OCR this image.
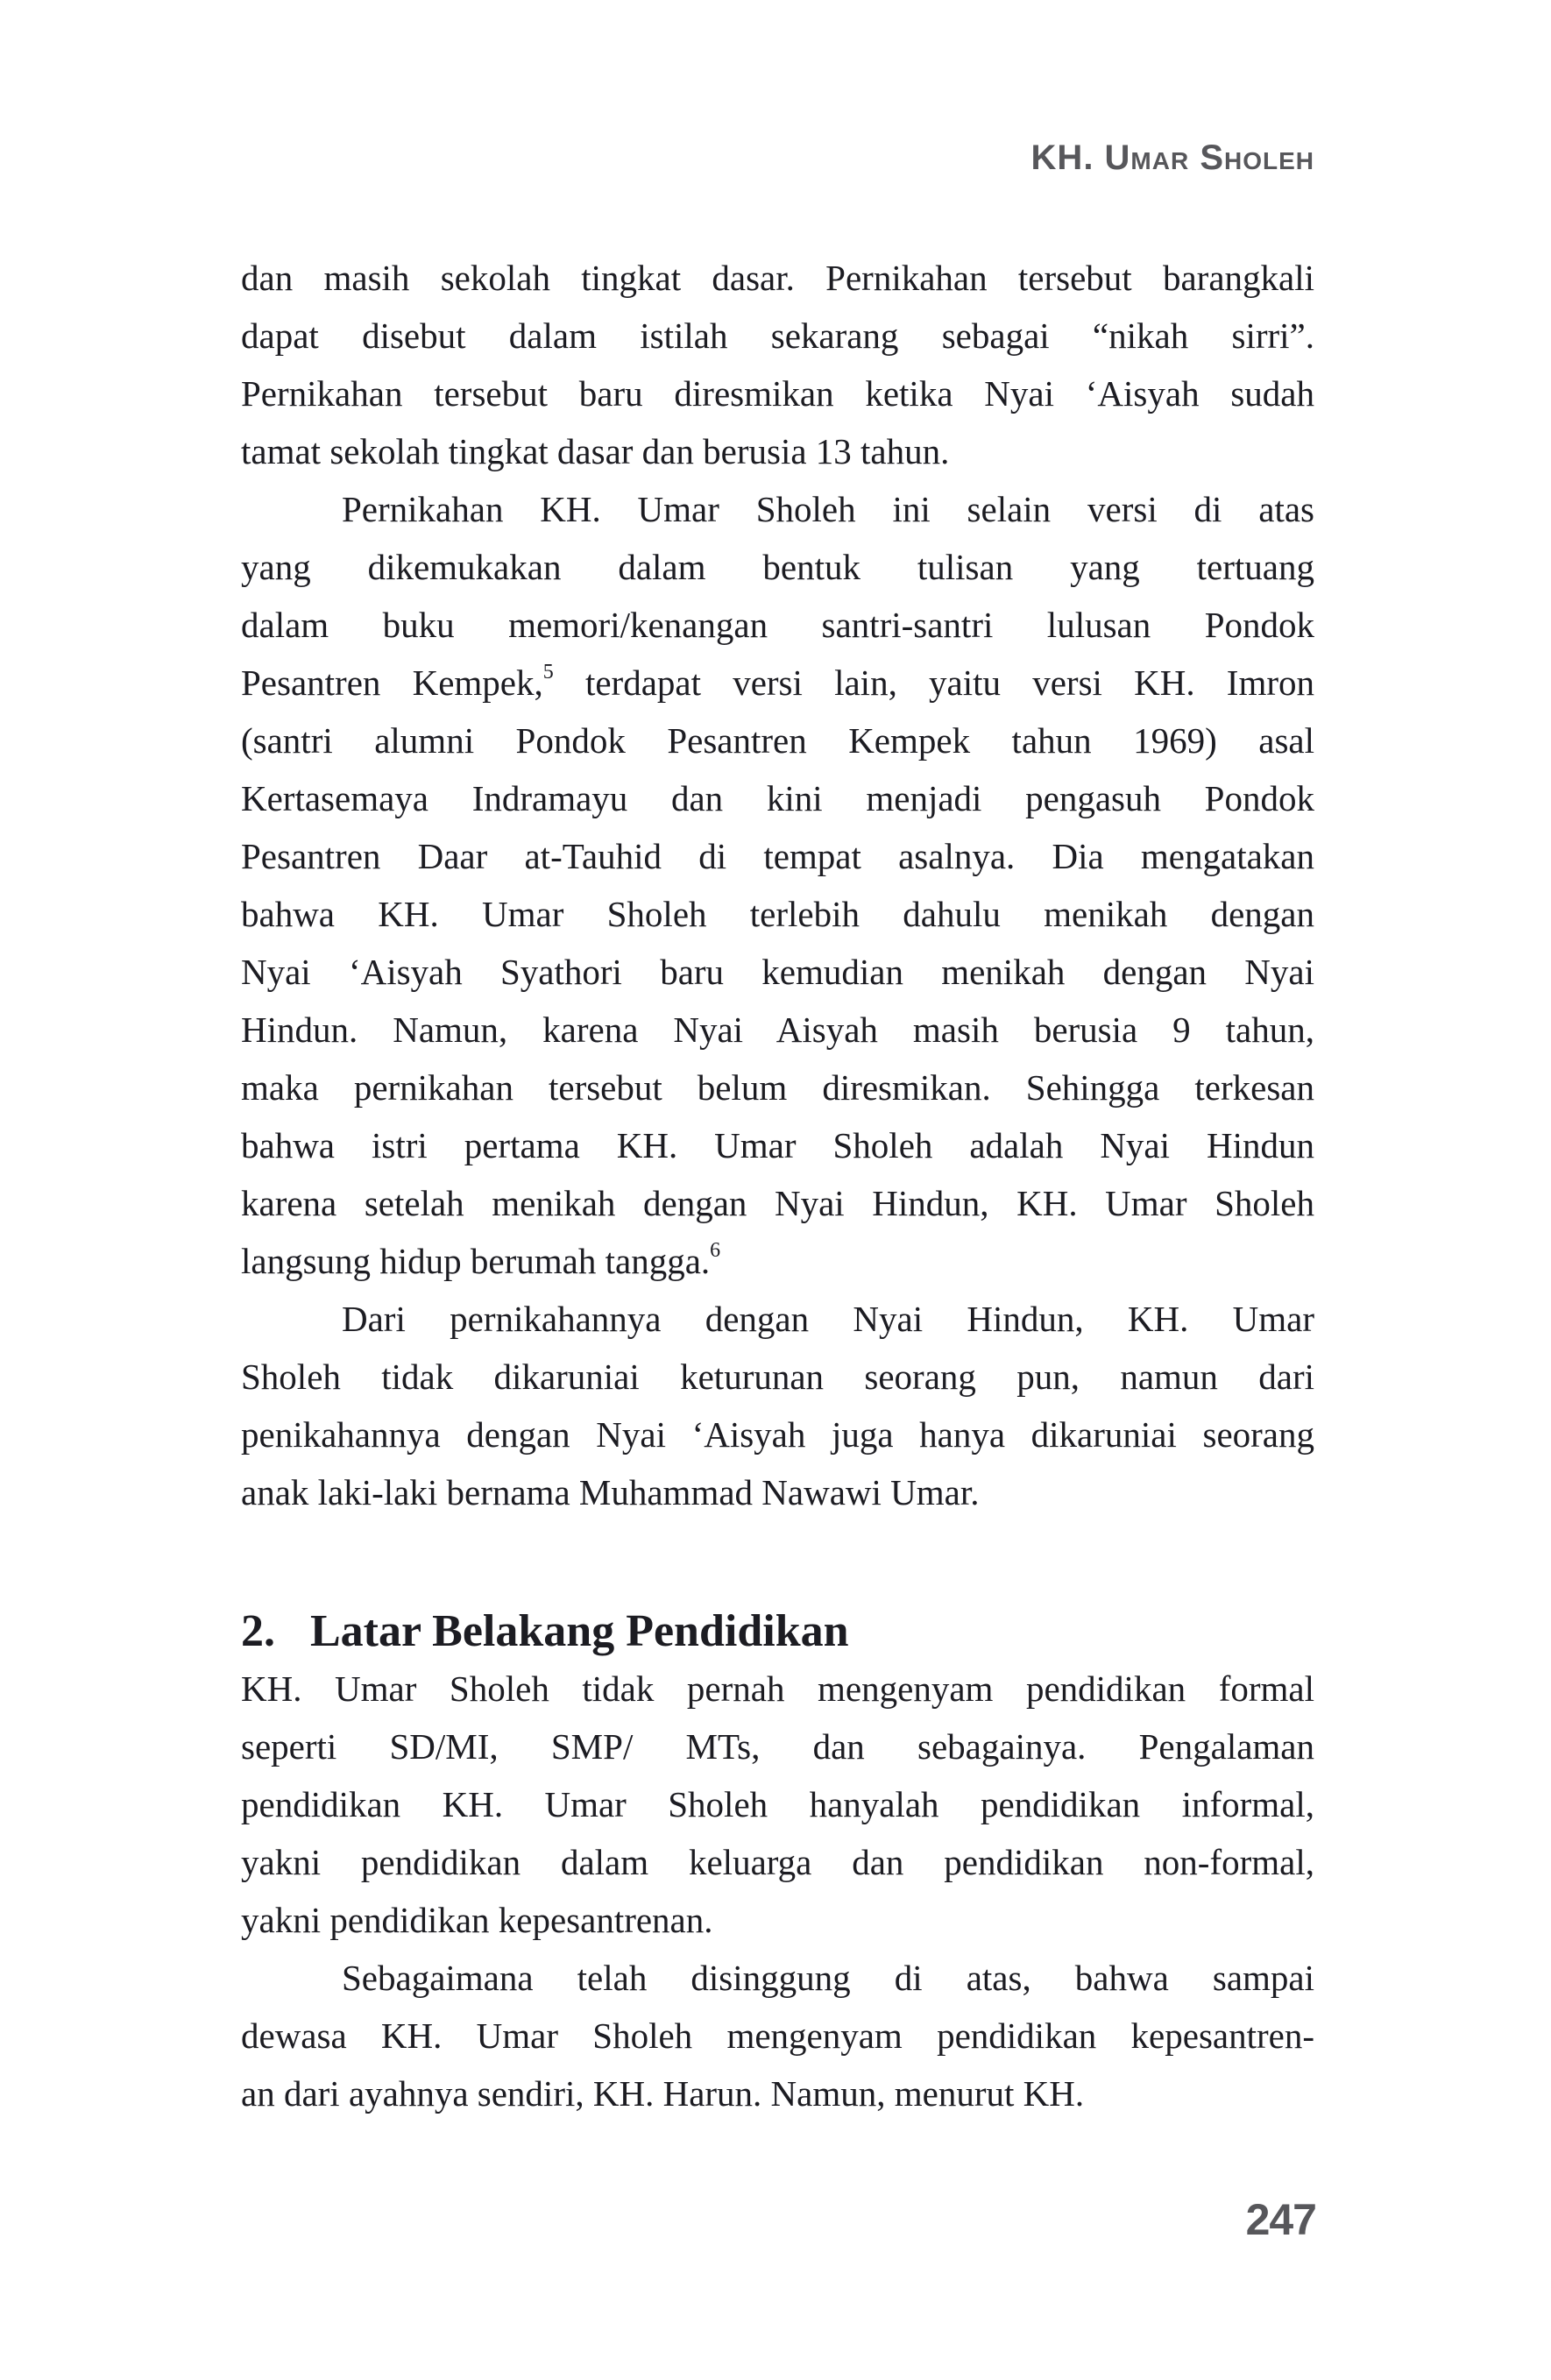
KH. Umar Sholeh
dan masih sekolah tingkat dasar. Pernikahan tersebut barangkali
dapat disebut dalam istilah sekarang sebagai “nikah sirri”.
Pernikahan tersebut baru diresmikan ketika Nyai ‘Aisyah sudah
tamat sekolah tingkat dasar dan berusia 13 tahun.
Pernikahan KH. Umar Sholeh ini selain versi di atas
yang dikemukakan dalam bentuk tulisan yang tertuang
dalam buku memori/kenangan santri-santri lulusan Pondok
Pesantren Kempek,$^5$ terdapat versi lain, yaitu versi KH. Imron
(santri alumni Pondok Pesantren Kempek tahun 1969) asal
Kertasemaya Indramayu dan kini menjadi pengasuh Pondok
Pesantren Daar at-Tauhid di tempat asalnya. Dia mengatakan
bahwa KH. Umar Sholeh terlebih dahulu menikah dengan
Nyai ‘Aisyah Syathori baru kemudian menikah dengan Nyai
Hindun. Namun, karena Nyai Aisyah masih berusia 9 tahun,
maka pernikahan tersebut belum diresmikan. Sehingga terkesan
bahwa istri pertama KH. Umar Sholeh adalah Nyai Hindun
karena setelah menikah dengan Nyai Hindun, KH. Umar Sholeh
langsung hidup berumah tangga.$^6$
Dari pernikahannya dengan Nyai Hindun, KH. Umar
Sholeh tidak dikaruniai keturunan seorang pun, namun dari
penikahannya dengan Nyai ‘Aisyah juga hanya dikaruniai seorang
anak laki-laki bernama Muhammad Nawawi Umar.
2. Latar Belakang Pendidikan
KH. Umar Sholeh tidak pernah mengenyam pendidikan formal
seperti SD/MI, SMP/ MTs, dan sebagainya. Pengalaman
pendidikan KH. Umar Sholeh hanyalah pendidikan informal,
yakni pendidikan dalam keluarga dan pendidikan non-formal,
yakni pendidikan kepesantrenan.
Sebagaimana telah disinggung di atas, bahwa sampai
dewasa KH. Umar Sholeh mengenyam pendidikan kepesantren-
an dari ayahnya sendiri, KH. Harun. Namun, menurut KH.
247
